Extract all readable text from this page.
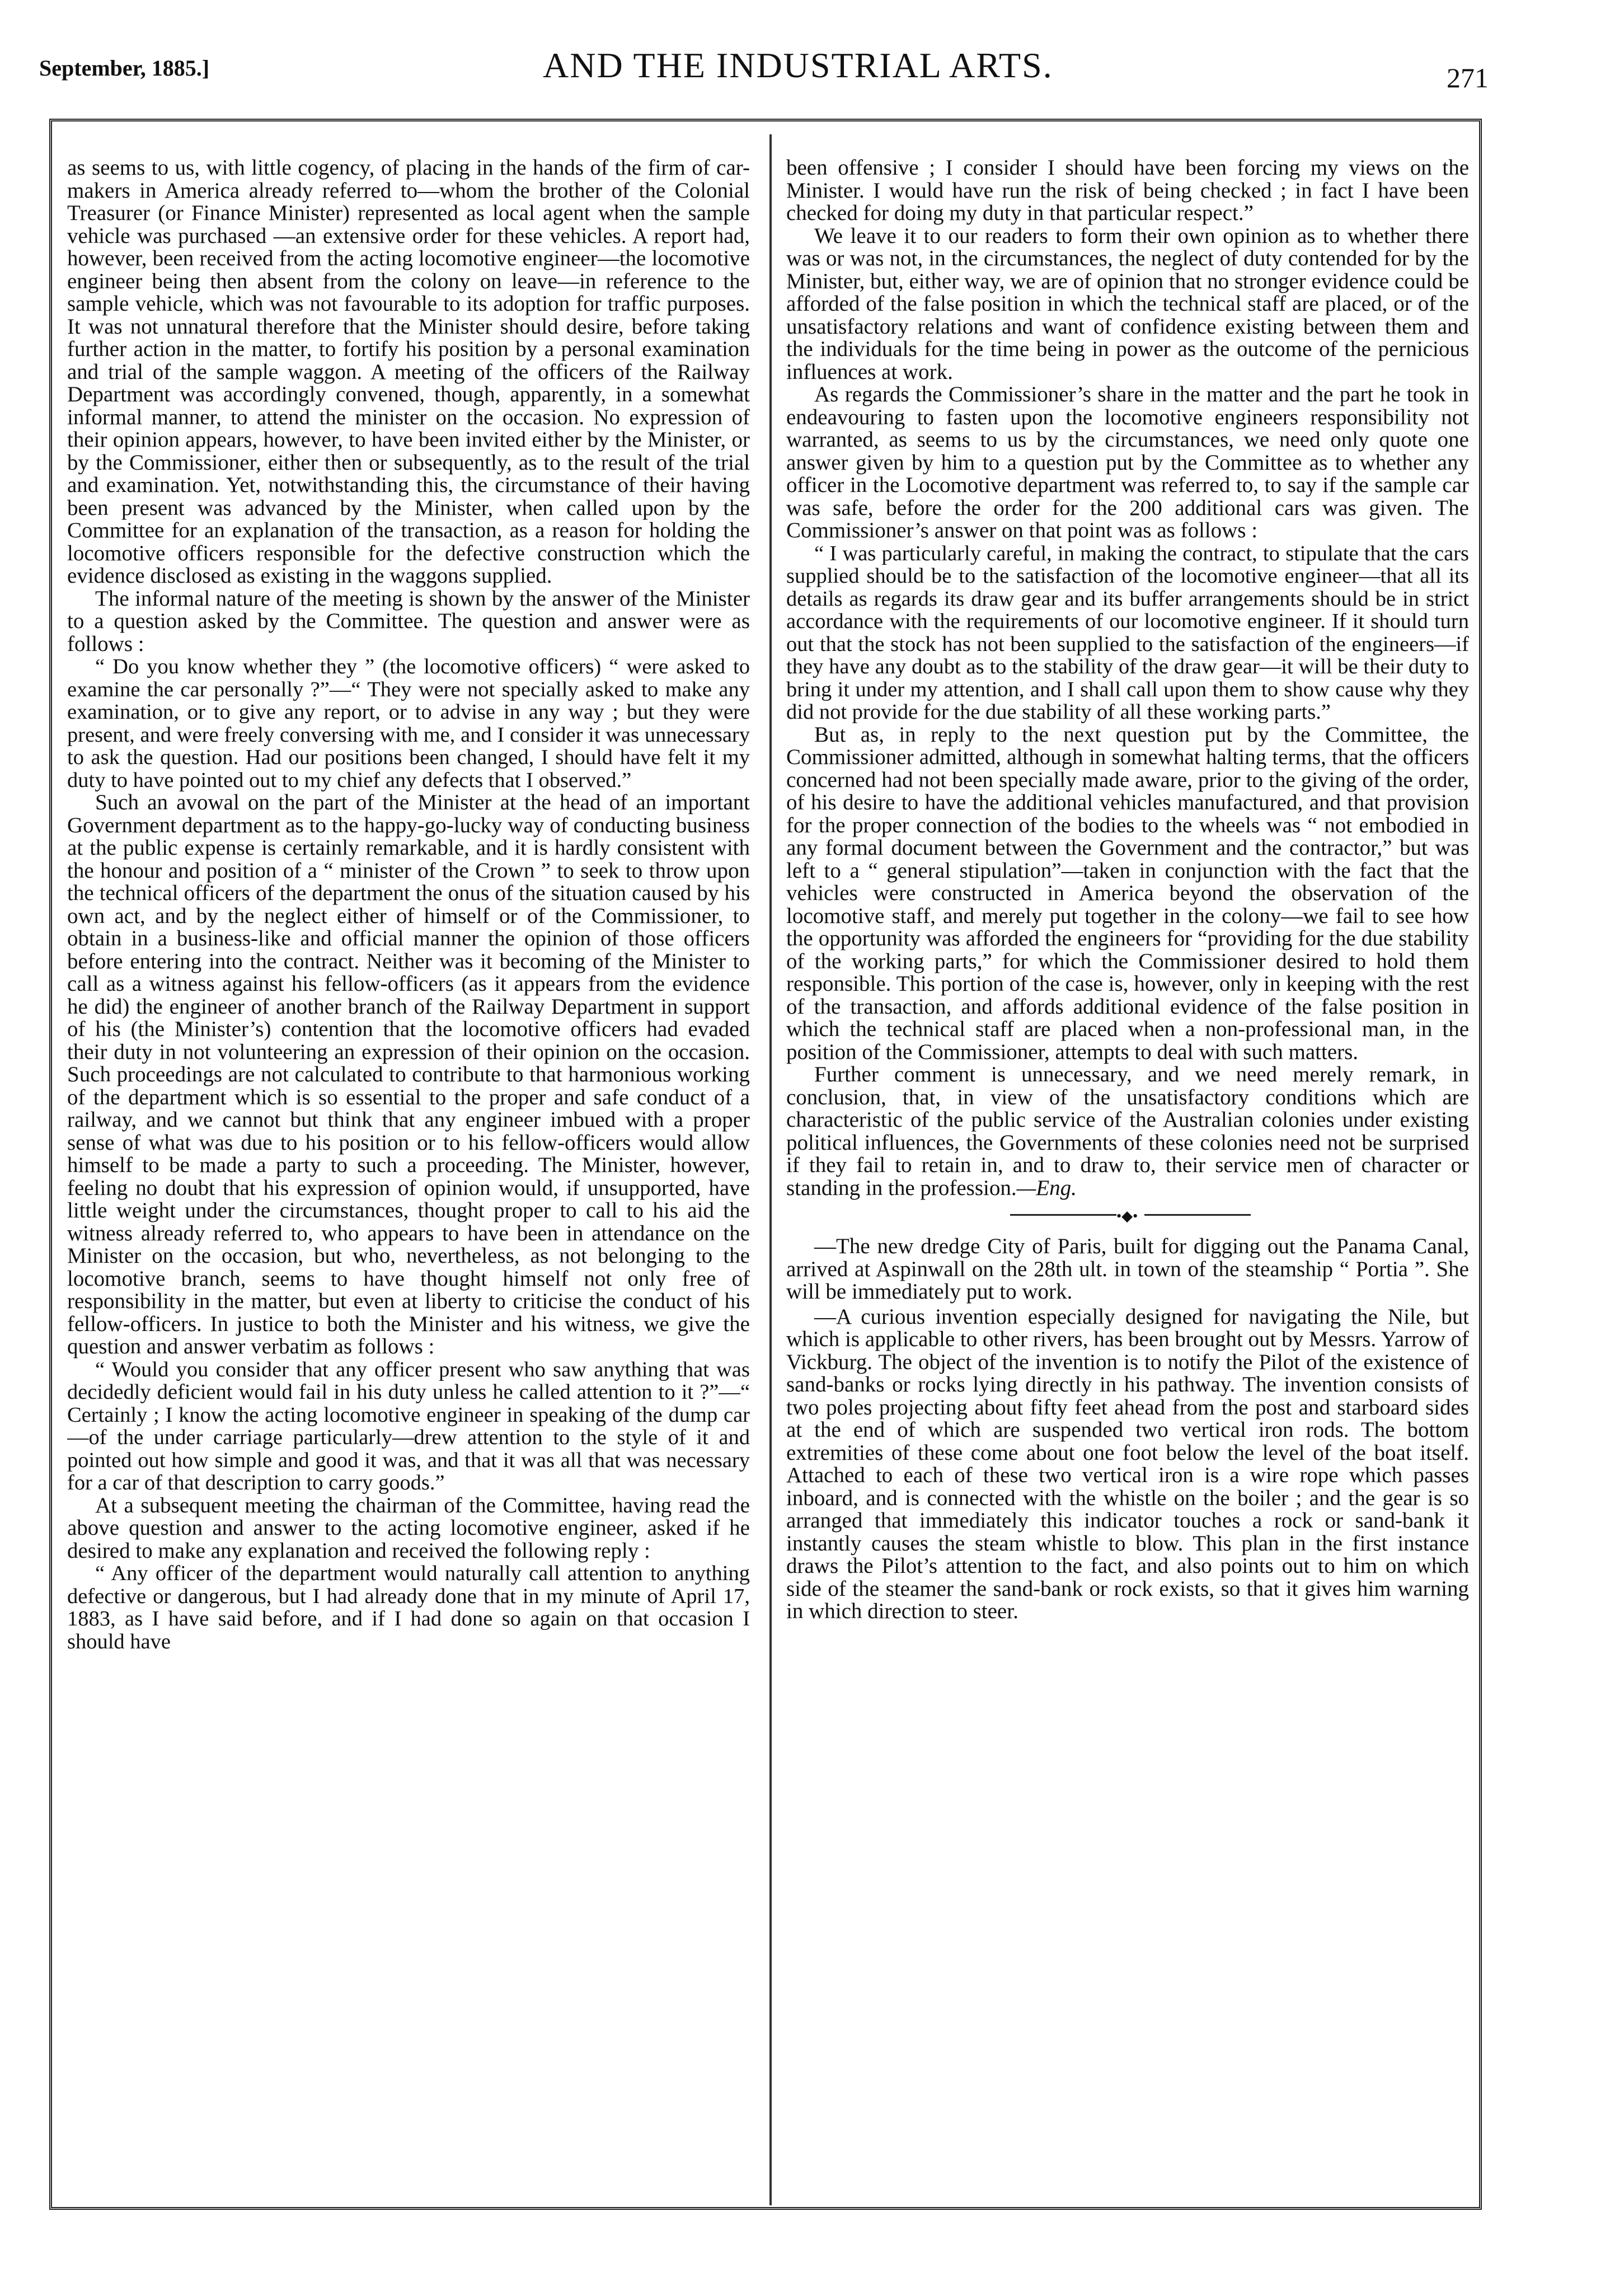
September, 1885.]	AND THE INDUSTRIAL ARTS.	271

as seems to us, with little cogency, of placing in the hands of the firm of car-makers in America already referred to—whom the brother of the Colonial Treasurer (or Finance Minister) represented as local agent when the sample vehicle was purchased —an extensive order for these vehicles. A report had, however, been received from the acting locomotive engineer—the locomotive engineer being then absent from the colony on leave—in reference to the sample vehicle, which was not favourable to its adoption for traffic purposes. It was not unnatural therefore that the Minister should desire, before taking further action in the matter, to fortify his position by a personal examination and trial of the sample waggon. A meeting of the officers of the Railway Department was accordingly convened, though, apparently, in a somewhat informal manner, to attend the minister on the occasion. No expression of their opinion appears, however, to have been invited either by the Minister, or by the Commissioner, either then or subsequently, as to the result of the trial and examination. Yet, notwithstanding this, the circumstance of their having been present was advanced by the Minister, when called upon by the Committee for an explanation of the transaction, as a reason for holding the locomotive officers responsible for the defective construction which the evidence disclosed as existing in the waggons supplied.

The informal nature of the meeting is shown by the answer of the Minister to a question asked by the Committee. The question and answer were as follows :

“ Do you know whether they ” (the locomotive officers) “ were asked to examine the car personally ?”—“ They were not specially asked to make any examination, or to give any report, or to advise in any way ; but they were present, and were freely conversing with me, and I consider it was unnecessary to ask the question. Had our positions been changed, I should have felt it my duty to have pointed out to my chief any defects that I observed.”

Such an avowal on the part of the Minister at the head of an important Government department as to the happy-go-lucky way of conducting business at the public expense is certainly remarkable, and it is hardly consistent with the honour and position of a “ minister of the Crown ” to seek to throw upon the technical officers of the department the onus of the situation caused by his own act, and by the neglect either of himself or of the Commissioner, to obtain in a business-like and official manner the opinion of those officers before entering into the contract. Neither was it becoming of the Minister to call as a witness against his fellow-officers (as it appears from the evidence he did) the engineer of another branch of the Railway Department in support of his (the Minister’s) contention that the locomotive officers had evaded their duty in not volunteering an expression of their opinion on the occasion. Such proceedings are not calculated to contribute to that harmonious working of the department which is so essential to the proper and safe conduct of a railway, and we cannot but think that any engineer imbued with a proper sense of what was due to his position or to his fellow-officers would allow himself to be made a party to such a proceeding. The Minister, however, feeling no doubt that his expression of opinion would, if unsupported, have little weight under the circumstances, thought proper to call to his aid the witness already referred to, who appears to have been in attendance on the Minister on the occasion, but who, nevertheless, as not belonging to the locomotive branch, seems to have thought himself not only free of responsibility in the matter, but even at liberty to criticise the conduct of his fellow-officers. In justice to both the Minister and his witness, we give the question and answer verbatim as follows :

“ Would you consider that any officer present who saw anything that was decidedly deficient would fail in his duty unless he called attention to it ?”—“ Certainly ; I know the acting locomotive engineer in speaking of the dump car—of the under carriage particularly—drew attention to the style of it and pointed out how simple and good it was, and that it was all that was necessary for a car of that description to carry goods.”

At a subsequent meeting the chairman of the Committee, having read the above question and answer to the acting locomotive engineer, asked if he desired to make any explanation and received the following reply :

“ Any officer of the department would naturally call attention to anything defective or dangerous, but I had already done that in my minute of April 17, 1883, as I have said before, and if I had done so again on that occasion I should have

been offensive ; I consider I should have been forcing my views on the Minister. I would have run the risk of being checked ; in fact I have been checked for doing my duty in that particular respect.”

We leave it to our readers to form their own opinion as to whether there was or was not, in the circumstances, the neglect of duty contended for by the Minister, but, either way, we are of opinion that no stronger evidence could be afforded of the false position in which the technical staff are placed, or of the unsatisfactory relations and want of confidence existing between them and the individuals for the time being in power as the outcome of the pernicious influences at work.

As regards the Commissioner’s share in the matter and the part he took in endeavouring to fasten upon the locomotive engineers responsibility not warranted, as seems to us by the circumstances, we need only quote one answer given by him to a question put by the Committee as to whether any officer in the Locomotive department was referred to, to say if the sample car was safe, before the order for the 200 additional cars was given. The Commissioner’s answer on that point was as follows :

“ I was particularly careful, in making the contract, to stipulate that the cars supplied should be to the satisfaction of the locomotive engineer—that all its details as regards its draw gear and its buffer arrangements should be in strict accordance with the requirements of our locomotive engineer. If it should turn out that the stock has not been supplied to the satisfaction of the engineers—if they have any doubt as to the stability of the draw gear—it will be their duty to bring it under my attention, and I shall call upon them to show cause why they did not provide for the due stability of all these working parts.”

But as, in reply to the next question put by the Committee, the Commissioner admitted, although in somewhat halting terms, that the officers concerned had not been specially made aware, prior to the giving of the order, of his desire to have the additional vehicles manufactured, and that provision for the proper connection of the bodies to the wheels was “ not embodied in any formal document between the Government and the contractor,” but was left to a “ general stipulation”—taken in conjunction with the fact that the vehicles were constructed in America beyond the observation of the locomotive staff, and merely put together in the colony—we fail to see how the opportunity was afforded the engineers for “providing for the due stability of the working parts,” for which the Commissioner desired to hold them responsible. This portion of the case is, however, only in keeping with the rest of the transaction, and affords additional evidence of the false position in which the technical staff are placed when a non-professional man, in the position of the Commissioner, attempts to deal with such matters.

Further comment is unnecessary, and we need merely remark, in conclusion, that, in view of the unsatisfactory conditions which are characteristic of the public service of the Australian colonies under existing political influences, the Governments of these colonies need not be surprised if they fail to retain in, and to draw to, their service men of character or standing in the profession.—Eng.

•◆•

—The new dredge City of Paris, built for digging out the Panama Canal, arrived at Aspinwall on the 28th ult. in town of the steamship “ Portia ”. She will be immediately put to work.

—A curious invention especially designed for navigating the Nile, but which is applicable to other rivers, has been brought out by Messrs. Yarrow of Vickburg. The object of the invention is to notify the Pilot of the existence of sand-banks or rocks lying directly in his pathway. The invention consists of two poles projecting about fifty feet ahead from the post and starboard sides at the end of which are suspended two vertical iron rods. The bottom extremities of these come about one foot below the level of the boat itself. Attached to each of these two vertical iron is a wire rope which passes inboard, and is connected with the whistle on the boiler ; and the gear is so arranged that immediately this indicator touches a rock or sand-bank it instantly causes the steam whistle to blow. This plan in the first instance draws the Pilot’s attention to the fact, and also points out to him on which side of the steamer the sand-bank or rock exists, so that it gives him warning in which direction to steer.
